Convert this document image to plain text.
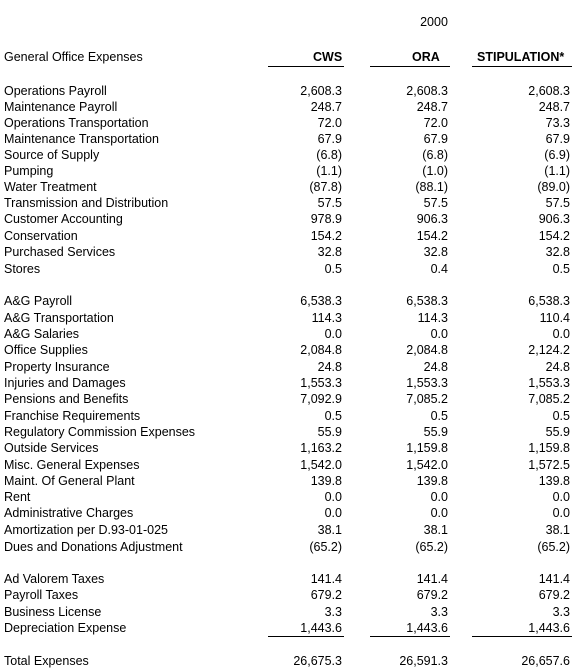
2000
General Office Expenses	CWS	ORA	STIPULATION*
Operations Payroll	2,608.3	2,608.3	2,608.3
Maintenance Payroll	248.7	248.7	248.7
Operations Transportation	72.0	72.0	73.3
Maintenance Transportation	67.9	67.9	67.9
Source of Supply	(6.8)	(6.8)	(6.9)
Pumping	(1.1)	(1.0)	(1.1)
Water Treatment	(87.8)	(88.1)	(89.0)
Transmission and Distribution	57.5	57.5	57.5
Customer Accounting	978.9	906.3	906.3
Conservation	154.2	154.2	154.2
Purchased Services	32.8	32.8	32.8
Stores	0.5	0.4	0.5
A&G Payroll	6,538.3	6,538.3	6,538.3
A&G Transportation	114.3	114.3	110.4
A&G Salaries	0.0	0.0	0.0
Office Supplies	2,084.8	2,084.8	2,124.2
Property Insurance	24.8	24.8	24.8
Injuries and Damages	1,553.3	1,553.3	1,553.3
Pensions and Benefits	7,092.9	7,085.2	7,085.2
Franchise Requirements	0.5	0.5	0.5
Regulatory Commission Expenses	55.9	55.9	55.9
Outside Services	1,163.2	1,159.8	1,159.8
Misc. General Expenses	1,542.0	1,542.0	1,572.5
Maint. Of General Plant	139.8	139.8	139.8
Rent	0.0	0.0	0.0
Administrative Charges	0.0	0.0	0.0
Amortization per D.93-01-025	38.1	38.1	38.1
Dues and Donations Adjustment	(65.2)	(65.2)	(65.2)
Ad Valorem Taxes	141.4	141.4	141.4
Payroll Taxes	679.2	679.2	679.2
Business License	3.3	3.3	3.3
Depreciation Expense	1,443.6	1,443.6	1,443.6
Total Expenses	26,675.3	26,591.3	26,657.6
